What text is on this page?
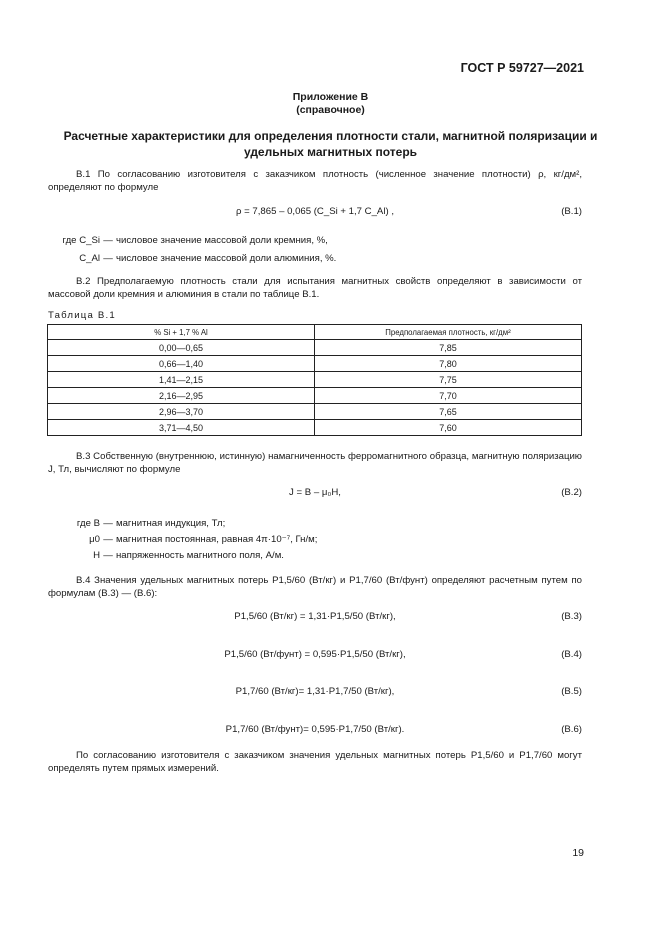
ГОСТ Р 59727—2021
Приложение В
(справочное)
Расчетные характеристики для определения плотности стали, магнитной поляризации и
удельных магнитных потерь
В.1 По согласованию изготовителя с заказчиком плотность (численное значение плотности) ρ, кг/дм², определяют по формуле
ρ = 7,865 – 0,065 (C_Si + 1,7 C_Al) ,	(В.1)
где C_Si — числовое значение массовой доли кремния, %,
C_Al — числовое значение массовой доли алюминия, %.
В.2 Предполагаемую плотность стали для испытания магнитных свойств определяют в зависимости от массовой доли кремния и алюминия в стали по таблице В.1.
Таблица В.1
% Si + 1,7 % Al	Предполагаемая плотность, кг/дм²
0,00—0,65	7,85
0,66—1,40	7,80
1,41—2,15	7,75
2,16—2,95	7,70
2,96—3,70	7,65
3,71—4,50	7,60
В.3 Собственную (внутреннюю, истинную) намагниченность ферромагнитного образца, магнитную поляризацию J, Тл, вычисляют по формуле
J = B – μ₀H,	(В.2)
где B — магнитная индукция, Тл;
μ0 — магнитная постоянная, равная 4π·10⁻⁷, Гн/м;
H — напряженность магнитного поля, А/м.
В.4 Значения удельных магнитных потерь P1,5/60 (Вт/кг) и P1,7/60 (Вт/фунт) определяют расчетным путем по формулам (В.3) — (В.6):
P1,5/60 (Вт/кг) = 1,31·P1,5/50 (Вт/кг),	(В.3)
P1,5/60 (Вт/фунт) = 0,595·P1,5/50 (Вт/кг),	(В.4)
P1,7/60 (Вт/кг)= 1,31·P1,7/50 (Вт/кг),	(В.5)
P1,7/60 (Вт/фунт)= 0,595·P1,7/50 (Вт/кг).	(В.6)
По согласованию изготовителя с заказчиком значения удельных магнитных потерь P1,5/60 и P1,7/60 могут определять путем прямых измерений.
19
